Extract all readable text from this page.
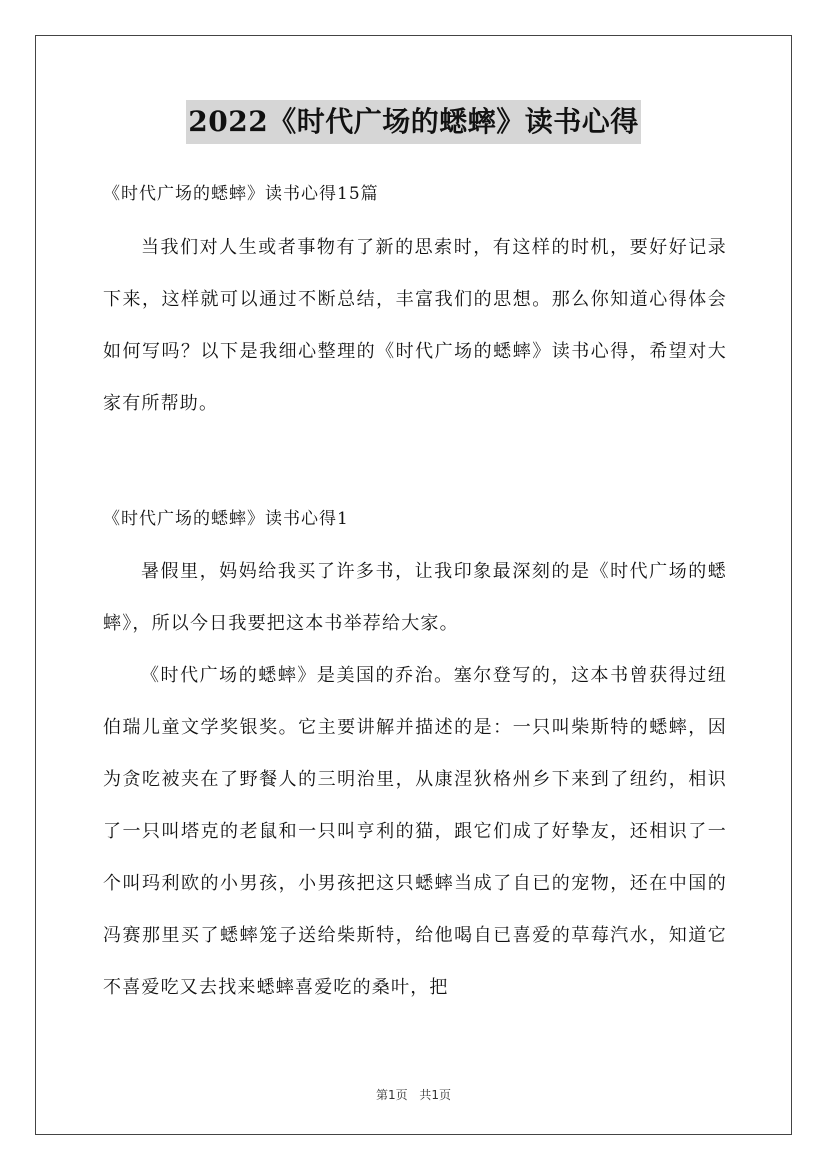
2022《时代广场的蟋蟀》读书心得
《时代广场的蟋蟀》读书心得15篇
当我们对人生或者事物有了新的思索时，有这样的时机，要好好记录下来，这样就可以通过不断总结，丰富我们的思想。那么你知道心得体会如何写吗？以下是我细心整理的《时代广场的蟋蟀》读书心得，希望对大家有所帮助。
《时代广场的蟋蟀》读书心得1
暑假里，妈妈给我买了许多书，让我印象最深刻的是《时代广场的蟋蟀》，所以今日我要把这本书举荐给大家。
《时代广场的蟋蟀》是美国的乔治。塞尔登写的，这本书曾获得过纽伯瑞儿童文学奖银奖。它主要讲解并描述的是：一只叫柴斯特的蟋蟀，因为贪吃被夹在了野餐人的三明治里，从康涅狄格州乡下来到了纽约，相识了一只叫塔克的老鼠和一只叫亨利的猫，跟它们成了好挚友，还相识了一个叫玛利欧的小男孩，小男孩把这只蟋蟀当成了自已的宠物，还在中国的冯赛那里买了蟋蟀笼子送给柴斯特，给他喝自已喜爱的草莓汽水，知道它不喜爱吃又去找来蟋蟀喜爱吃的桑叶，把
第1页 共1页
